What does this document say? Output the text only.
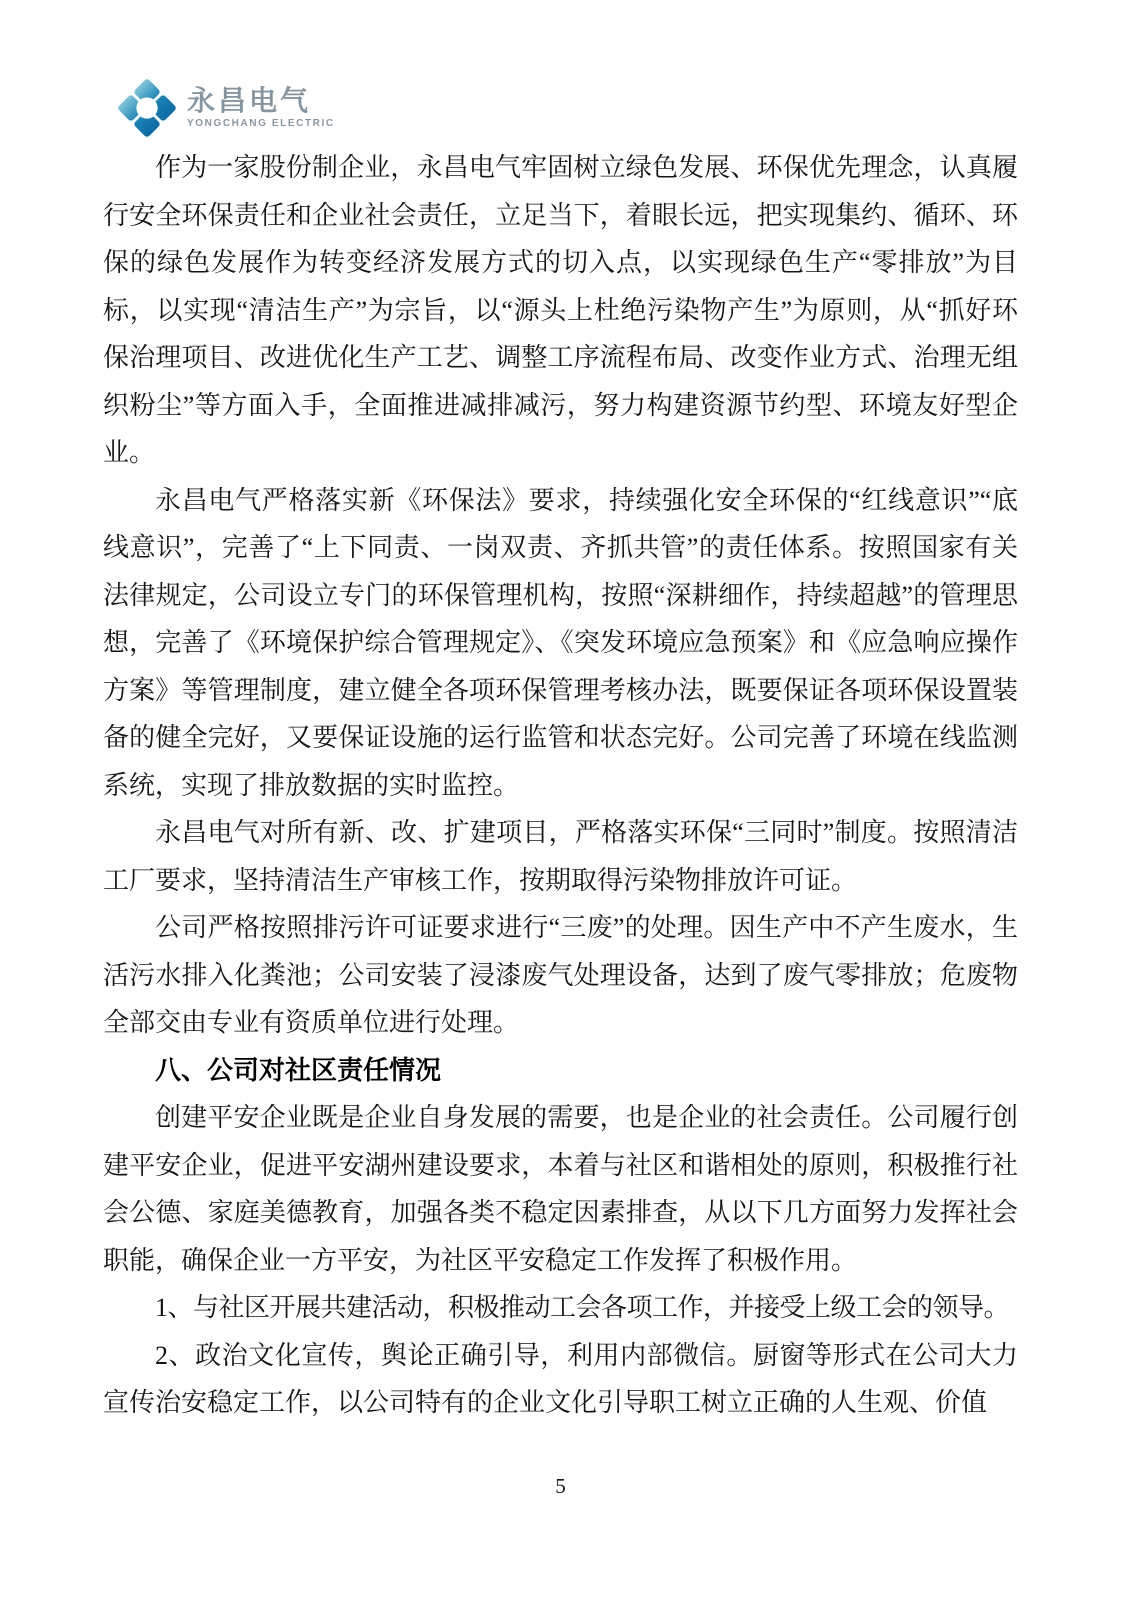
永昌电气
YONGCHANG ELECTRIC

作为一家股份制企业，永昌电气牢固树立绿色发展、环保优先理念，认真履行安全环保责任和企业社会责任，立足当下，着眼长远，把实现集约、循环、环保的绿色发展作为转变经济发展方式的切入点，以实现绿色生产“零排放”为目标，以实现“清洁生产”为宗旨，以“源头上杜绝污染物产生”为原则，从“抓好环保治理项目、改进优化生产工艺、调整工序流程布局、改变作业方式、治理无组织粉尘”等方面入手，全面推进减排减污，努力构建资源节约型、环境友好型企业。

永昌电气严格落实新《环保法》要求，持续强化安全环保的“红线意识”“底线意识”，完善了“上下同责、一岗双责、齐抓共管”的责任体系。按照国家有关法律规定，公司设立专门的环保管理机构，按照“深耕细作，持续超越”的管理思想，完善了《环境保护综合管理规定》、《突发环境应急预案》和《应急响应操作方案》等管理制度，建立健全各项环保管理考核办法，既要保证各项环保设置装备的健全完好，又要保证设施的运行监管和状态完好。公司完善了环境在线监测系统，实现了排放数据的实时监控。

永昌电气对所有新、改、扩建项目，严格落实环保“三同时”制度。按照清洁工厂要求，坚持清洁生产审核工作，按期取得污染物排放许可证。

公司严格按照排污许可证要求进行“三废”的处理。因生产中不产生废水，生活污水排入化粪池；公司安装了浸漆废气处理设备，达到了废气零排放；危废物全部交由专业有资质单位进行处理。

八、公司对社区责任情况

创建平安企业既是企业自身发展的需要，也是企业的社会责任。公司履行创建平安企业，促进平安湖州建设要求，本着与社区和谐相处的原则，积极推行社会公德、家庭美德教育，加强各类不稳定因素排查，从以下几方面努力发挥社会职能，确保企业一方平安，为社区平安稳定工作发挥了积极作用。

1、与社区开展共建活动，积极推动工会各项工作，并接受上级工会的领导。

2、政治文化宣传，舆论正确引导，利用内部微信。厨窗等形式在公司大力宣传治安稳定工作，以公司特有的企业文化引导职工树立正确的人生观、价值

5
